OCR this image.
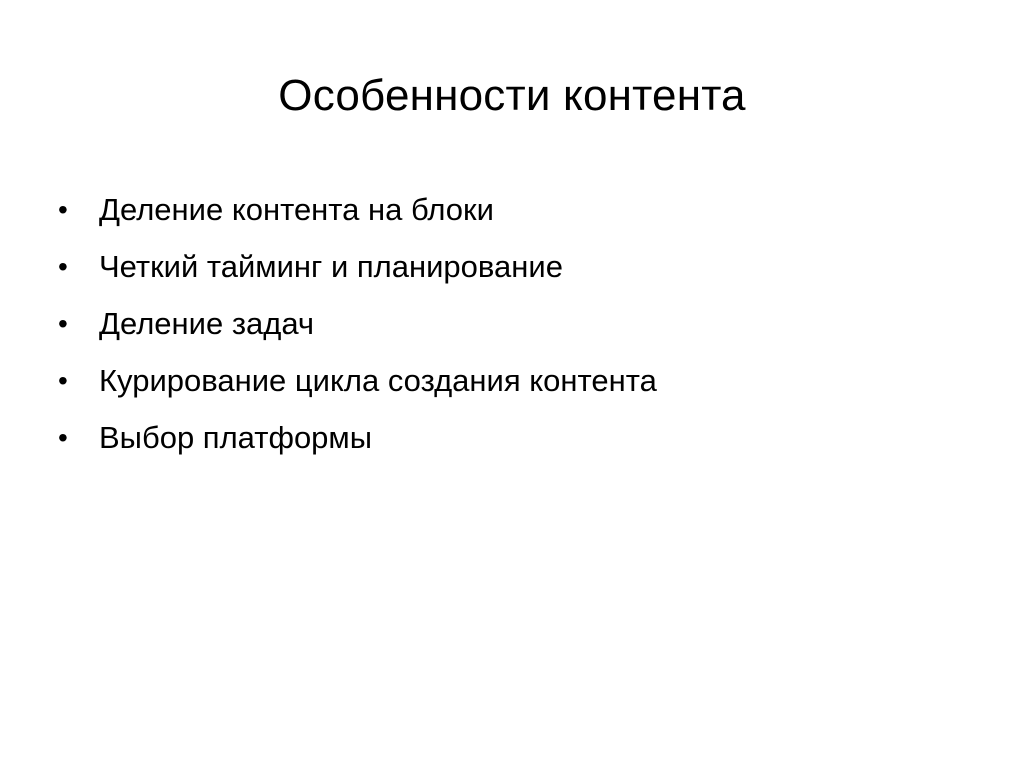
Особенности контента
•	Деление контента на блоки
•	Четкий тайминг и планирование
•	Деление задач
•	Курирование цикла создания контента
•	Выбор платформы
